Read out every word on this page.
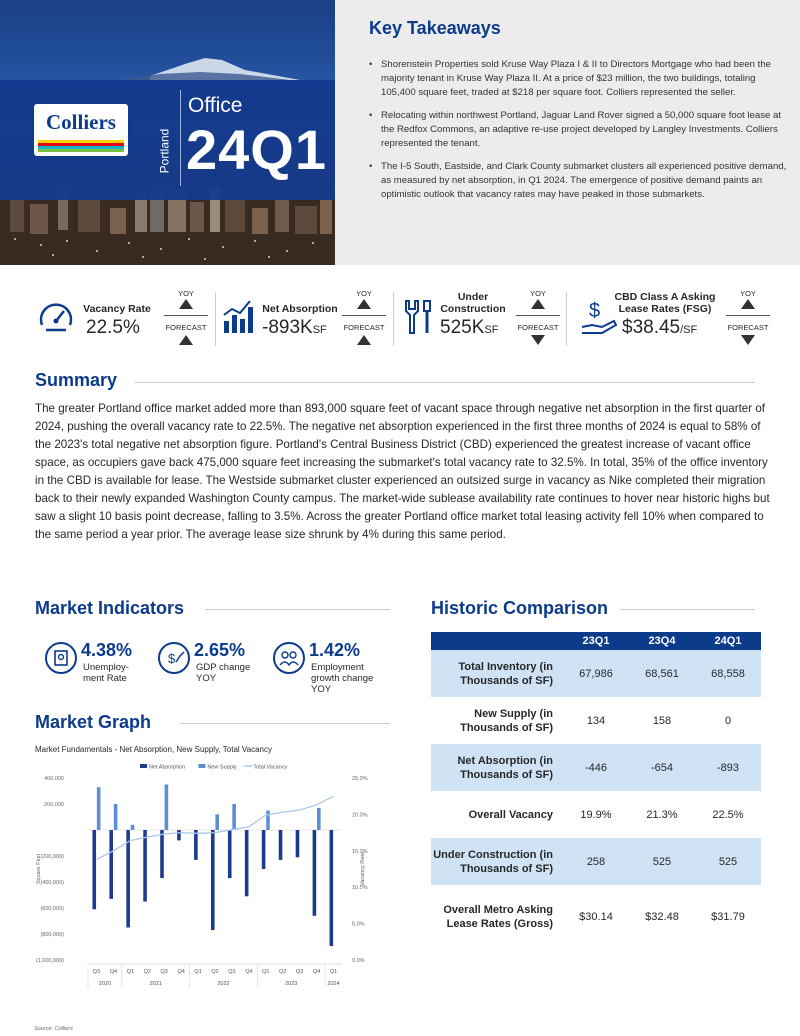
Colliers
Portland
Office
24Q1
Key Takeaways
• Shorenstein Properties sold Kruse Way Plaza I & II to Directors Mortgage who had been the majority tenant in Kruse Way Plaza II. At a price of $23 million, the two buildings, totaling 105,400 square feet, traded at $218 per square foot. Colliers represented the seller.
• Relocating within northwest Portland, Jaguar Land Rover signed a 50,000 square foot lease at the Redfox Commons, an adaptive re-use project developed by Langley Investments. Colliers represented the tenant.
• The I-5 South, Eastside, and Clark County submarket clusters all experienced positive demand, as measured by net absorption, in Q1 2024. The emergence of positive demand paints an optimistic outlook that vacancy rates may have peaked in those submarkets.
Vacancy Rate
22.5%
YOY
FORECAST
Net Absorption
-893KSF
YOY
FORECAST
Under Construction
525KSF
YOY
FORECAST
$
CBD Class A Asking Lease Rates (FSG)
$38.45/SF
YOY
FORECAST
Summary
The greater Portland office market added more than 893,000 square feet of vacant space through negative net absorption in the first quarter of 2024, pushing the overall vacancy rate to 22.5%. The negative net absorption experienced in the first three months of 2024 is equal to 58% of the 2023's total negative net absorption figure. Portland's Central Business District (CBD) experienced the greatest increase of vacant office space, as occupiers gave back 475,000 square feet increasing the submarket's total vacancy rate to 32.5%. In total, 35% of the office inventory in the CBD is available for lease. The Westside submarket cluster experienced an outsized surge in vacancy as Nike completed their migration back to their newly expanded Washington County campus. The market-wide sublease availability rate continues to hover near historic highs but saw a slight 10 basis point decrease, falling to 3.5%. Across the greater Portland office market total leasing activity fell 10% when compared to the same period a year prior. The average lease size shrunk by 4% during this same period.
Market Indicators
4.38%
Unemploy-ment Rate
$ 2.65%
GDP change YOY
1.42%
Employment growth change YOY
Market Graph
Market Fundamentals - Net Absorption, New Supply, Total Vacancy
Net Absorption	New Supply	Total Vacancy
400,000
200,000
(200,000)
(400,000)
(600,000)
(800,000)
(1,000,000)
25.0%
20.0%
15.0%
10.0%
5.0%
0.0%
Square Feet	Vacancy Rate
Q3 Q4 Q1 Q2 Q3 Q4 Q1 Q2 Q3 Q4 Q1 Q2 Q3 Q4 Q1
2020	2021	2022	2023	2024
Source: Colliers
Historic Comparison
	23Q1	23Q4	24Q1
Total Inventory (in Thousands of SF)	67,986	68,561	68,558
New Supply (in Thousands of SF)	134	158	0
Net Absorption (in Thousands of SF)	-446	-654	-893
Overall Vacancy	19.9%	21.3%	22.5%
Under Construction (in Thousands of SF)	258	525	525
Overall Metro Asking Lease Rates (Gross)	$30.14	$32.48	$31.79
